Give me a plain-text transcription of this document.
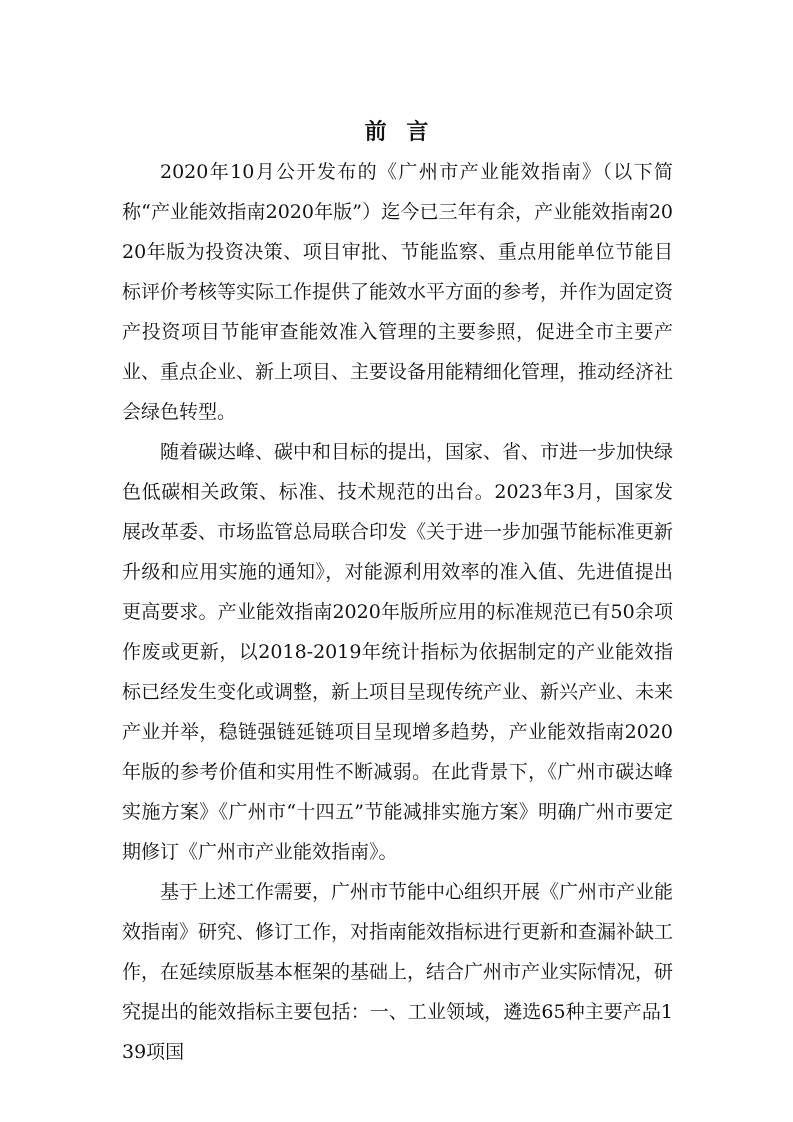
前言

2020年10月公开发布的《广州市产业能效指南》（以下简称“产业能效指南2020年版”）迄今已三年有余，产业能效指南2020年版为投资决策、项目审批、节能监察、重点用能单位节能目标评价考核等实际工作提供了能效水平方面的参考，并作为固定资产投资项目节能审查能效准入管理的主要参照，促进全市主要产业、重点企业、新上项目、主要设备用能精细化管理，推动经济社会绿色转型。

随着碳达峰、碳中和目标的提出，国家、省、市进一步加快绿色低碳相关政策、标准、技术规范的出台。2023年3月，国家发展改革委、市场监管总局联合印发《关于进一步加强节能标准更新升级和应用实施的通知》，对能源利用效率的准入值、先进值提出更高要求。产业能效指南2020年版所应用的标准规范已有50余项作废或更新，以2018-2019年统计指标为依据制定的产业能效指标已经发生变化或调整，新上项目呈现传统产业、新兴产业、未来产业并举，稳链强链延链项目呈现增多趋势，产业能效指南2020年版的参考价值和实用性不断减弱。在此背景下，《广州市碳达峰实施方案》《广州市“十四五”节能减排实施方案》明确广州市要定期修订《广州市产业能效指南》。

基于上述工作需要，广州市节能中心组织开展《广州市产业能效指南》研究、修订工作，对指南能效指标进行更新和查漏补缺工作，在延续原版基本框架的基础上，结合广州市产业实际情况，研究提出的能效指标主要包括：一、工业领域，遴选65种主要产品139项国
